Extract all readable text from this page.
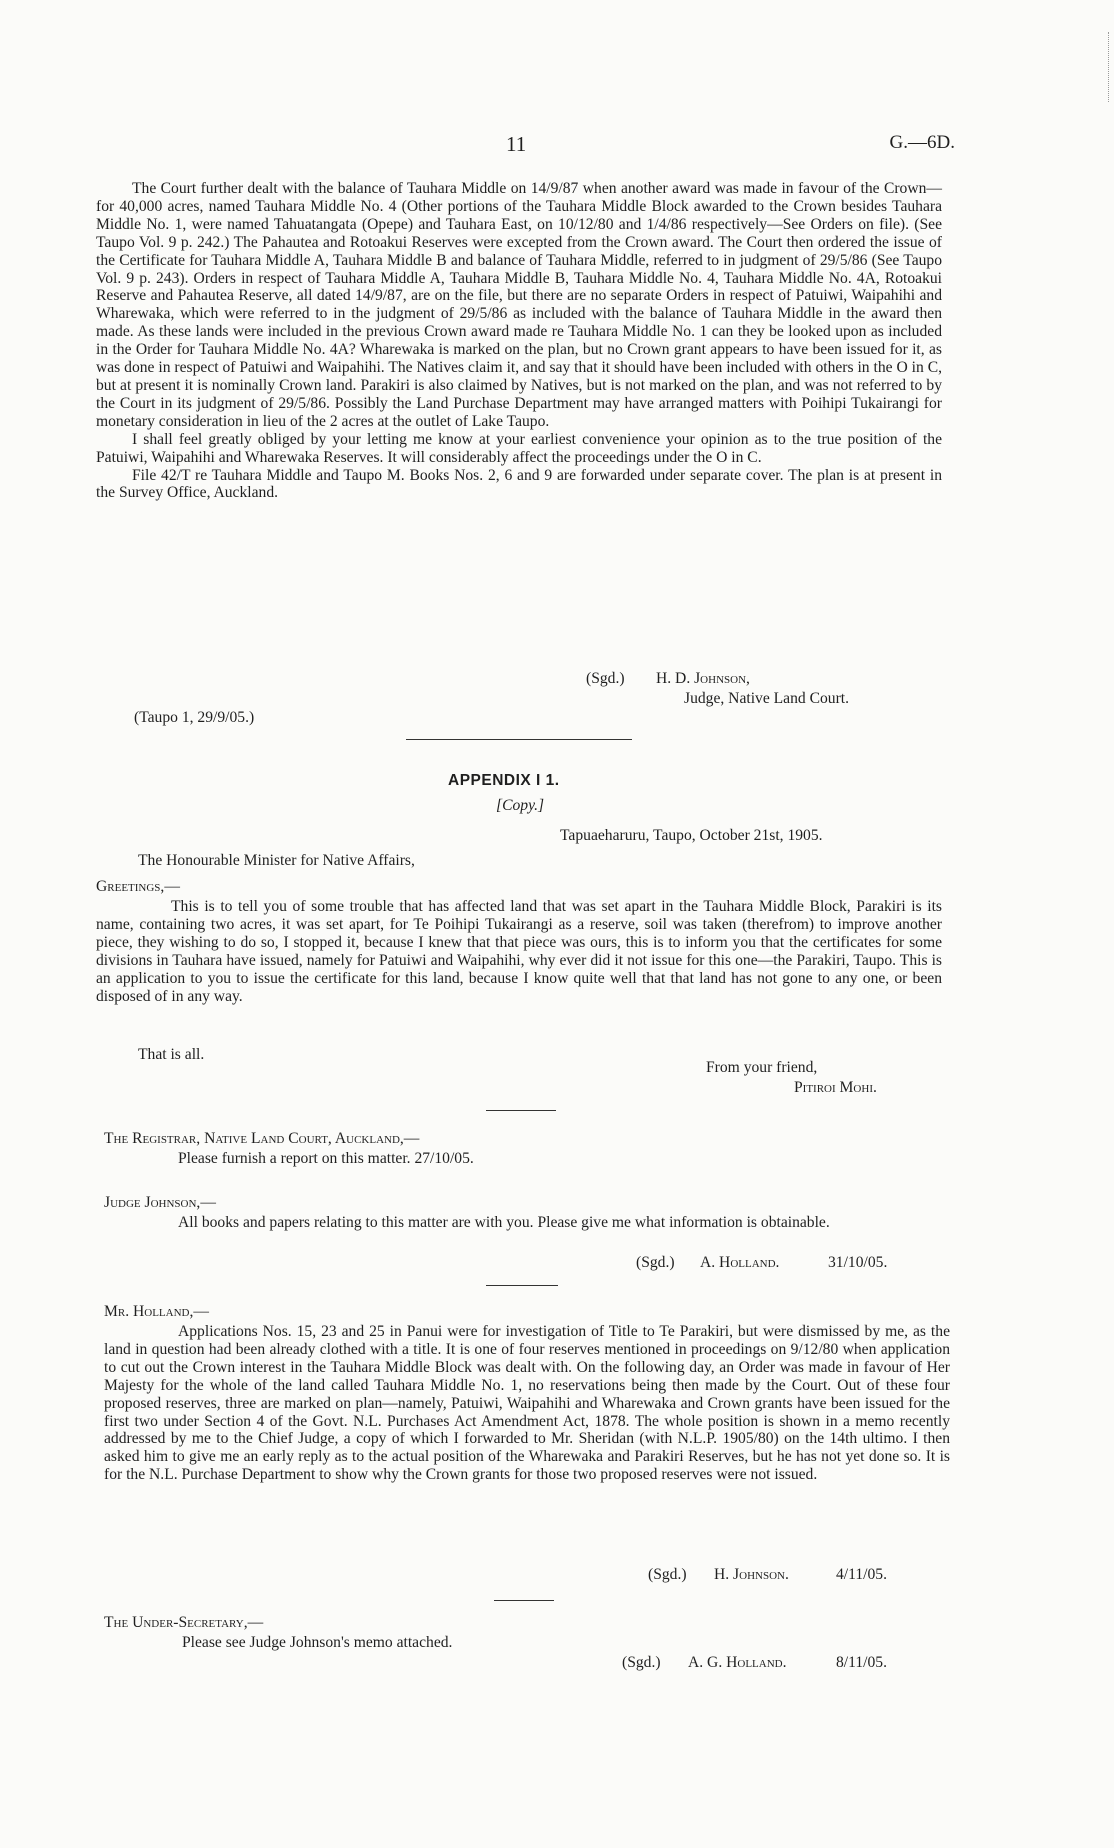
11	G.—6D.

The Court further dealt with the balance of Tauhara Middle on 14/9/87 when another award was made in favour of the Crown—for 40,000 acres, named Tauhara Middle No. 4 (Other portions of the Tauhara Middle Block awarded to the Crown besides Tauhara Middle No. 1, were named Tahuatangata (Opepe) and Tauhara East, on 10/12/80 and 1/4/86 respectively—See Orders on file). (See Taupo Vol. 9 p. 242.) The Pahautea and Rotoakui Reserves were excepted from the Crown award. The Court then ordered the issue of the Certificate for Tauhara Middle A, Tauhara Middle B and balance of Tauhara Middle, referred to in judgment of 29/5/86 (See Taupo Vol. 9 p. 243). Orders in respect of Tauhara Middle A, Tauhara Middle B, Tauhara Middle No. 4, Tauhara Middle No. 4A, Rotoakui Reserve and Pahautea Reserve, all dated 14/9/87, are on the file, but there are no separate Orders in respect of Patuiwi, Waipahihi and Wharewaka, which were referred to in the judgment of 29/5/86 as included with the balance of Tauhara Middle in the award then made. As these lands were included in the previous Crown award made re Tauhara Middle No. 1 can they be looked upon as included in the Order for Tauhara Middle No. 4A? Wharewaka is marked on the plan, but no Crown grant appears to have been issued for it, as was done in respect of Patuiwi and Waipahihi. The Natives claim it, and say that it should have been included with others in the O in C, but at present it is nominally Crown land. Parakiri is also claimed by Natives, but is not marked on the plan, and was not referred to by the Court in its judgment of 29/5/86. Possibly the Land Purchase Department may have arranged matters with Poihipi Tukairangi for monetary consideration in lieu of the 2 acres at the outlet of Lake Taupo.

I shall feel greatly obliged by your letting me know at your earliest convenience your opinion as to the true position of the Patuiwi, Waipahihi and Wharewaka Reserves. It will considerably affect the proceedings under the O in C.

File 42/T re Tauhara Middle and Taupo M. Books Nos. 2, 6 and 9 are forwarded under separate cover. The plan is at present in the Survey Office, Auckland.

(Sgd.) H. D. Johnson,
Judge, Native Land Court.
(Taupo 1, 29/9/05.)
APPENDIX I 1.
[Copy.]
Tapuaeharuru, Taupo, October 21st, 1905.
The Honourable Minister for Native Affairs,
Greetings,—

This is to tell you of some trouble that has affected land that was set apart in the Tauhara Middle Block, Parakiri is its name, containing two acres, it was set apart, for Te Poihipi Tukairangi as a reserve, soil was taken (therefrom) to improve another piece, they wishing to do so, I stopped it, because I knew that that piece was ours, this is to inform you that the certificates for some divisions in Tauhara have issued, namely for Patuiwi and Waipahihi, why ever did it not issue for this one—the Parakiri, Taupo. This is an application to you to issue the certificate for this land, because I know quite well that that land has not gone to any one, or been disposed of in any way.

That is all.
From your friend,
Pitiroi Mohi.
The Registrar, Native Land Court, Auckland,—
Please furnish a report on this matter. 27/10/05.
Judge Johnson,—

All books and papers relating to this matter are with you. Please give me what information is obtainable.

(Sgd.) A. Holland.	31/10/05.
Mr. Holland,—

Applications Nos. 15, 23 and 25 in Panui were for investigation of Title to Te Parakiri, but were dismissed by me, as the land in question had been already clothed with a title. It is one of four reserves mentioned in proceedings on 9/12/80 when application to cut out the Crown interest in the Tauhara Middle Block was dealt with. On the following day, an Order was made in favour of Her Majesty for the whole of the land called Tauhara Middle No. 1, no reservations being then made by the Court. Out of these four proposed reserves, three are marked on plan—namely, Patuiwi, Waipahihi and Wharewaka and Crown grants have been issued for the first two under Section 4 of the Govt. N.L. Purchases Act Amendment Act, 1878. The whole position is shown in a memo recently addressed by me to the Chief Judge, a copy of which I forwarded to Mr. Sheridan (with N.L.P. 1905/80) on the 14th ultimo. I then asked him to give me an early reply as to the actual position of the Wharewaka and Parakiri Reserves, but he has not yet done so. It is for the N.L. Purchase Department to show why the Crown grants for those two proposed reserves were not issued.

(Sgd.) H. Johnson.	4/11/05.
The Under-Secretary,—
Please see Judge Johnson's memo attached.
(Sgd.) A. G. Holland.	8/11/05.
